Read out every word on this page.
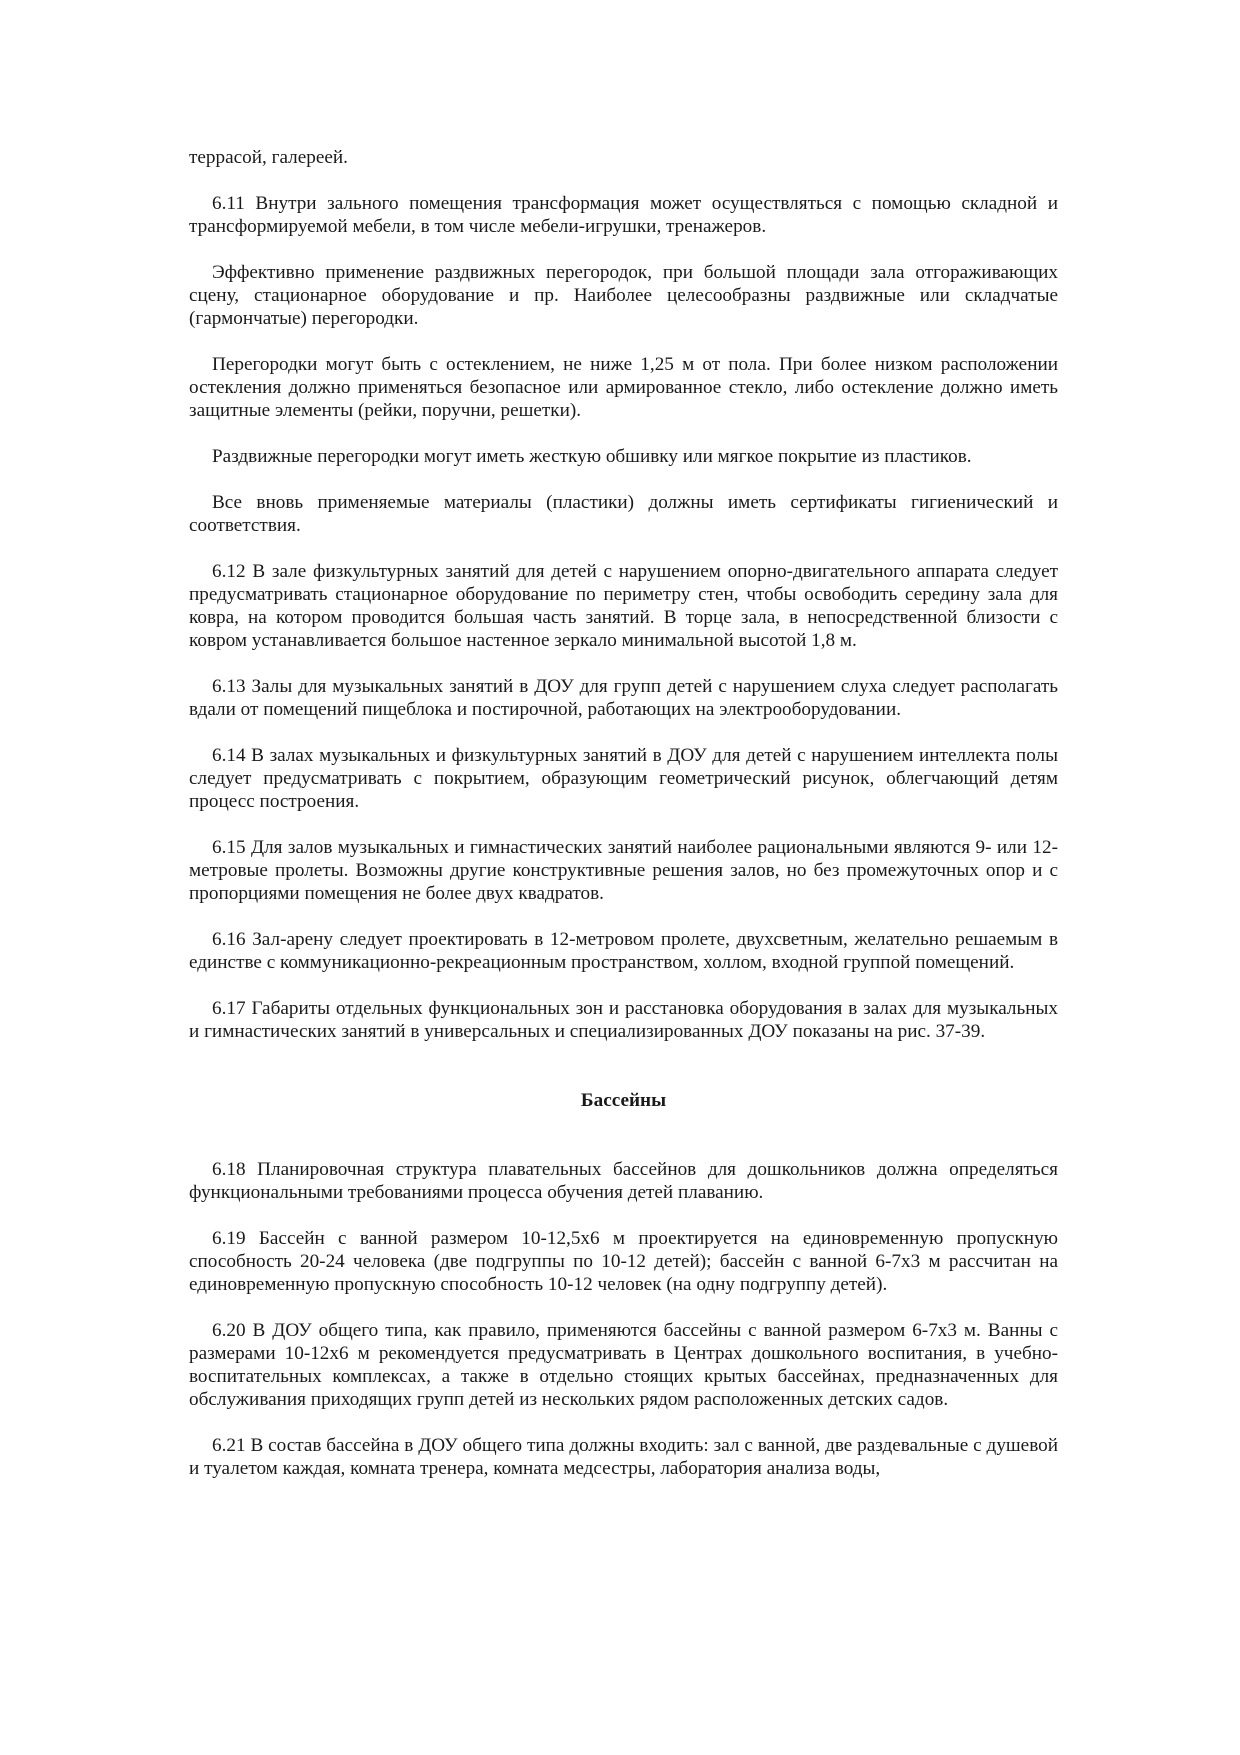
террасой, галереей.

6.11 Внутри зального помещения трансформация может осуществляться с помощью складной и трансформируемой мебели, в том числе мебели-игрушки, тренажеров.

Эффективно применение раздвижных перегородок, при большой площади зала отгораживающих сцену, стационарное оборудование и пр. Наиболее целесообразны раздвижные или складчатые (гармончатые) перегородки.

Перегородки могут быть с остеклением, не ниже 1,25 м от пола. При более низком расположении остекления должно применяться безопасное или армированное стекло, либо остекление должно иметь защитные элементы (рейки, поручни, решетки).

Раздвижные перегородки могут иметь жесткую обшивку или мягкое покрытие из пластиков.

Все вновь применяемые материалы (пластики) должны иметь сертификаты гигиенический и соответствия.

6.12 В зале физкультурных занятий для детей с нарушением опорно-двигательного аппарата следует предусматривать стационарное оборудование по периметру стен, чтобы освободить середину зала для ковра, на котором проводится большая часть занятий. В торце зала, в непосредственной близости с ковром устанавливается большое настенное зеркало минимальной высотой 1,8 м.

6.13 Залы для музыкальных занятий в ДОУ для групп детей с нарушением слуха следует располагать вдали от помещений пищеблока и постирочной, работающих на электрооборудовании.

6.14 В залах музыкальных и физкультурных занятий в ДОУ для детей с нарушением интеллекта полы следует предусматривать с покрытием, образующим геометрический рисунок, облегчающий детям процесс построения.

6.15 Для залов музыкальных и гимнастических занятий наиболее рациональными являются 9- или 12-метровые пролеты. Возможны другие конструктивные решения залов, но без промежуточных опор и с пропорциями помещения не более двух квадратов.

6.16 Зал-арену следует проектировать в 12-метровом пролете, двухсветным, желательно решаемым в единстве с коммуникационно-рекреационным пространством, холлом, входной группой помещений.

6.17 Габариты отдельных функциональных зон и расстановка оборудования в залах для музыкальных и гимнастических занятий в универсальных и специализированных ДОУ показаны на рис. 37-39.

Бассейны

6.18 Планировочная структура плавательных бассейнов для дошкольников должна определяться функциональными требованиями процесса обучения детей плаванию.

6.19 Бассейн с ванной размером 10-12,5х6 м проектируется на единовременную пропускную способность 20-24 человека (две подгруппы по 10-12 детей); бассейн с ванной 6-7х3 м рассчитан на единовременную пропускную способность 10-12 человек (на одну подгруппу детей).

6.20 В ДОУ общего типа, как правило, применяются бассейны с ванной размером 6-7х3 м. Ванны с размерами 10-12х6 м рекомендуется предусматривать в Центрах дошкольного воспитания, в учебно-воспитательных комплексах, а также в отдельно стоящих крытых бассейнах, предназначенных для обслуживания приходящих групп детей из нескольких рядом расположенных детских садов.

6.21 В состав бассейна в ДОУ общего типа должны входить: зал с ванной, две раздевальные с душевой и туалетом каждая, комната тренера, комната медсестры, лаборатория анализа воды,
